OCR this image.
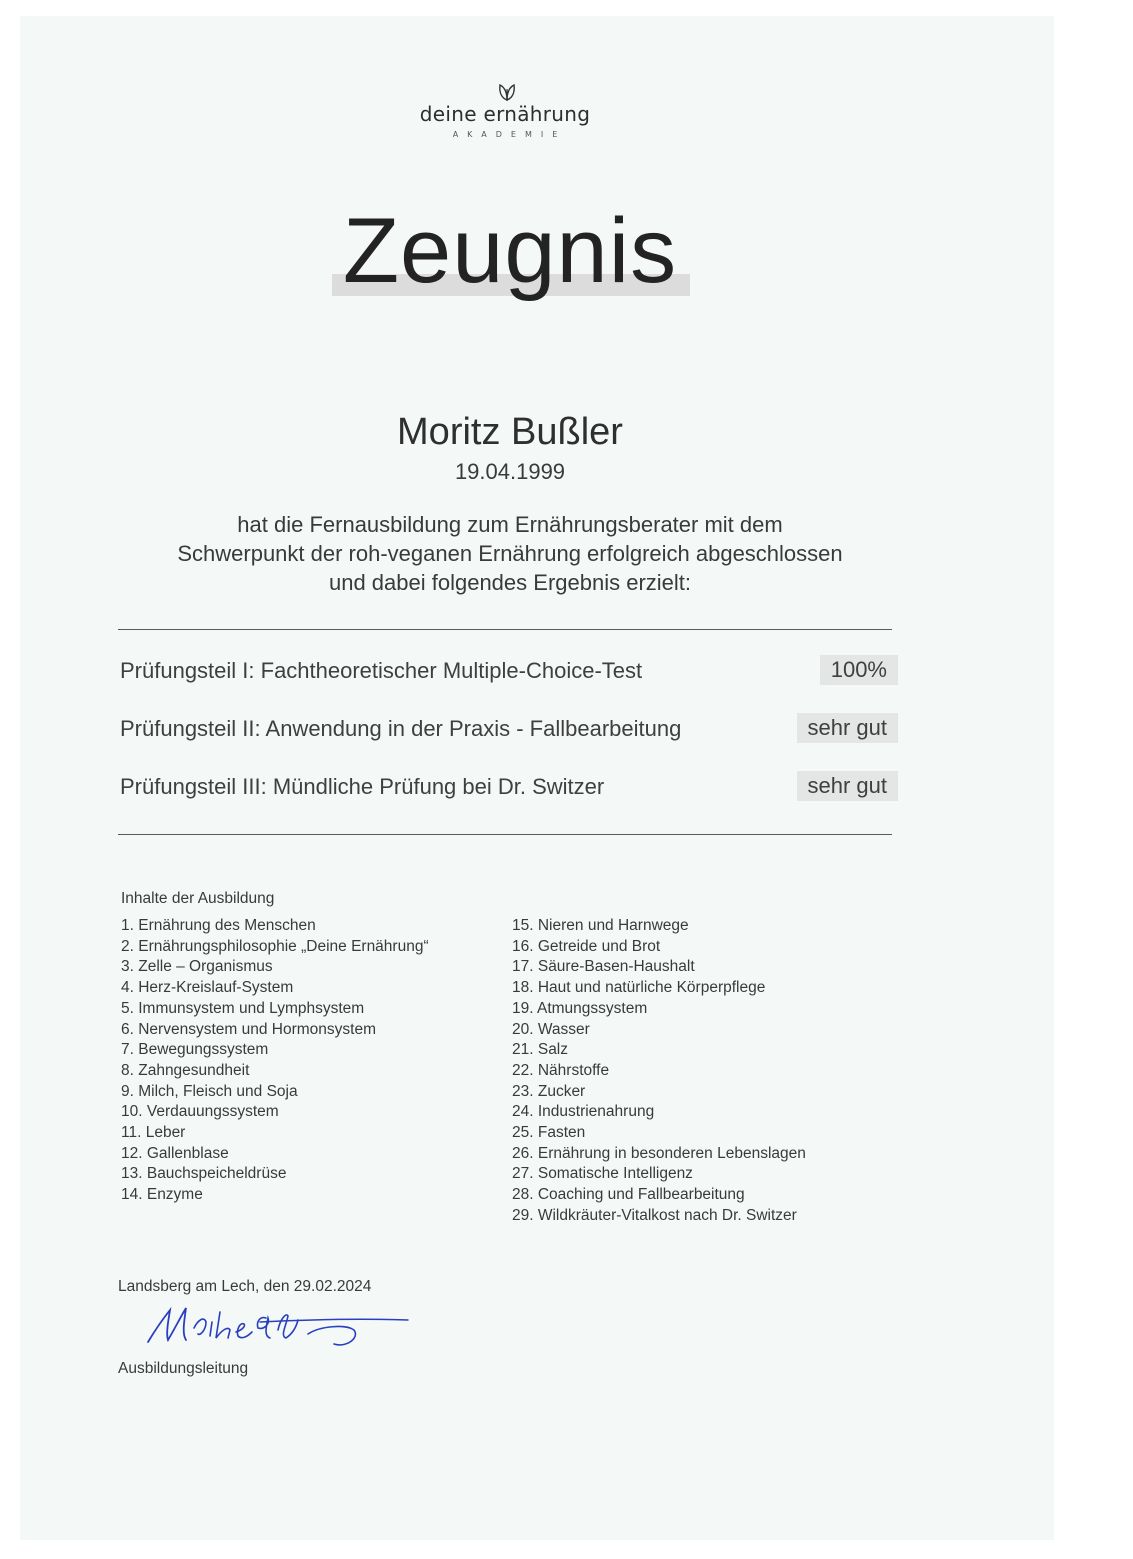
deine ernährung
AKADEMIE
Zeugnis
Moritz Bußler
19.04.1999
hat die Fernausbildung zum Ernährungsberater mit dem
Schwerpunkt der roh-veganen Ernährung erfolgreich abgeschlossen
und dabei folgendes Ergebnis erzielt:
Prüfungsteil I: Fachtheoretischer Multiple-Choice-Test	100%
Prüfungsteil II: Anwendung in der Praxis - Fallbearbeitung	sehr gut
Prüfungsteil III: Mündliche Prüfung bei Dr. Switzer	sehr gut
Inhalte der Ausbildung
1. Ernährung des Menschen
2. Ernährungsphilosophie „Deine Ernährung“
3. Zelle – Organismus
4. Herz-Kreislauf-System
5. Immunsystem und Lymphsystem
6. Nervensystem und Hormonsystem
7. Bewegungssystem
8. Zahngesundheit
9. Milch, Fleisch und Soja
10. Verdauungssystem
11. Leber
12. Gallenblase
13. Bauchspeicheldrüse
14. Enzyme
15. Nieren und Harnwege
16. Getreide und Brot
17. Säure-Basen-Haushalt
18. Haut und natürliche Körperpflege
19. Atmungssystem
20. Wasser
21. Salz
22. Nährstoffe
23. Zucker
24. Industrienahrung
25. Fasten
26. Ernährung in besonderen Lebenslagen
27. Somatische Intelligenz
28. Coaching und Fallbearbeitung
29. Wildkräuter-Vitalkost nach Dr. Switzer
Landsberg am Lech, den 29.02.2024
Ausbildungsleitung
